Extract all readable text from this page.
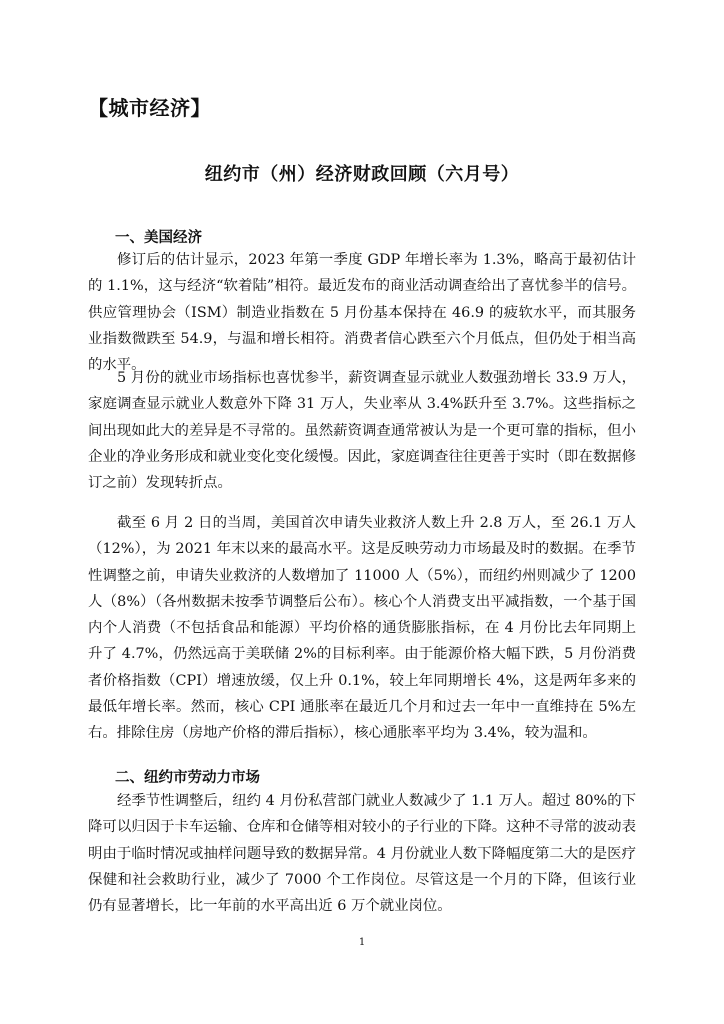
【城市经济】
纽约市（州）经济财政回顾（六月号）
一、美国经济

修订后的估计显示，2023 年第一季度 GDP 年增长率为 1.3%，略高于最初估计的 1.1%，这与经济“软着陆”相符。最近发布的商业活动调查给出了喜忧参半的信号。供应管理协会（ISM）制造业指数在 5 月份基本保持在 46.9 的疲软水平，而其服务业指数微跌至 54.9，与温和增长相符。消费者信心跌至六个月低点，但仍处于相当高的水平。

5 月份的就业市场指标也喜忧参半，薪资调查显示就业人数强劲增长 33.9 万人，家庭调查显示就业人数意外下降 31 万人，失业率从 3.4%跃升至 3.7%。这些指标之间出现如此大的差异是不寻常的。虽然薪资调查通常被认为是一个更可靠的指标，但小企业的净业务形成和就业变化变化缓慢。因此，家庭调查往往更善于实时（即在数据修订之前）发现转折点。

截至 6 月 2 日的当周，美国首次申请失业救济人数上升 2.8 万人，至 26.1 万人（12%），为 2021 年末以来的最高水平。这是反映劳动力市场最及时的数据。在季节性调整之前，申请失业救济的人数增加了 11000 人（5%），而纽约州则减少了 1200 人（8%）（各州数据未按季节调整后公布）。核心个人消费支出平减指数，一个基于国内个人消费（不包括食品和能源）平均价格的通货膨胀指标，在 4 月份比去年同期上升了 4.7%，仍然远高于美联储 2%的目标利率。由于能源价格大幅下跌，5 月份消费者价格指数（CPI）增速放缓，仅上升 0.1%，较上年同期增长 4%，这是两年多来的最低年增长率。然而，核心 CPI 通胀率在最近几个月和过去一年中一直维持在 5%左右。排除住房（房地产价格的滞后指标），核心通胀率平均为 3.4%，较为温和。

二、纽约市劳动力市场

经季节性调整后，纽约 4 月份私营部门就业人数减少了 1.1 万人。超过 80%的下降可以归因于卡车运输、仓库和仓储等相对较小的子行业的下降。这种不寻常的波动表明由于临时情况或抽样问题导致的数据异常。4 月份就业人数下降幅度第二大的是医疗保健和社会救助行业，减少了 7000 个工作岗位。尽管这是一个月的下降，但该行业仍有显著增长，比一年前的水平高出近 6 万个就业岗位。

1
